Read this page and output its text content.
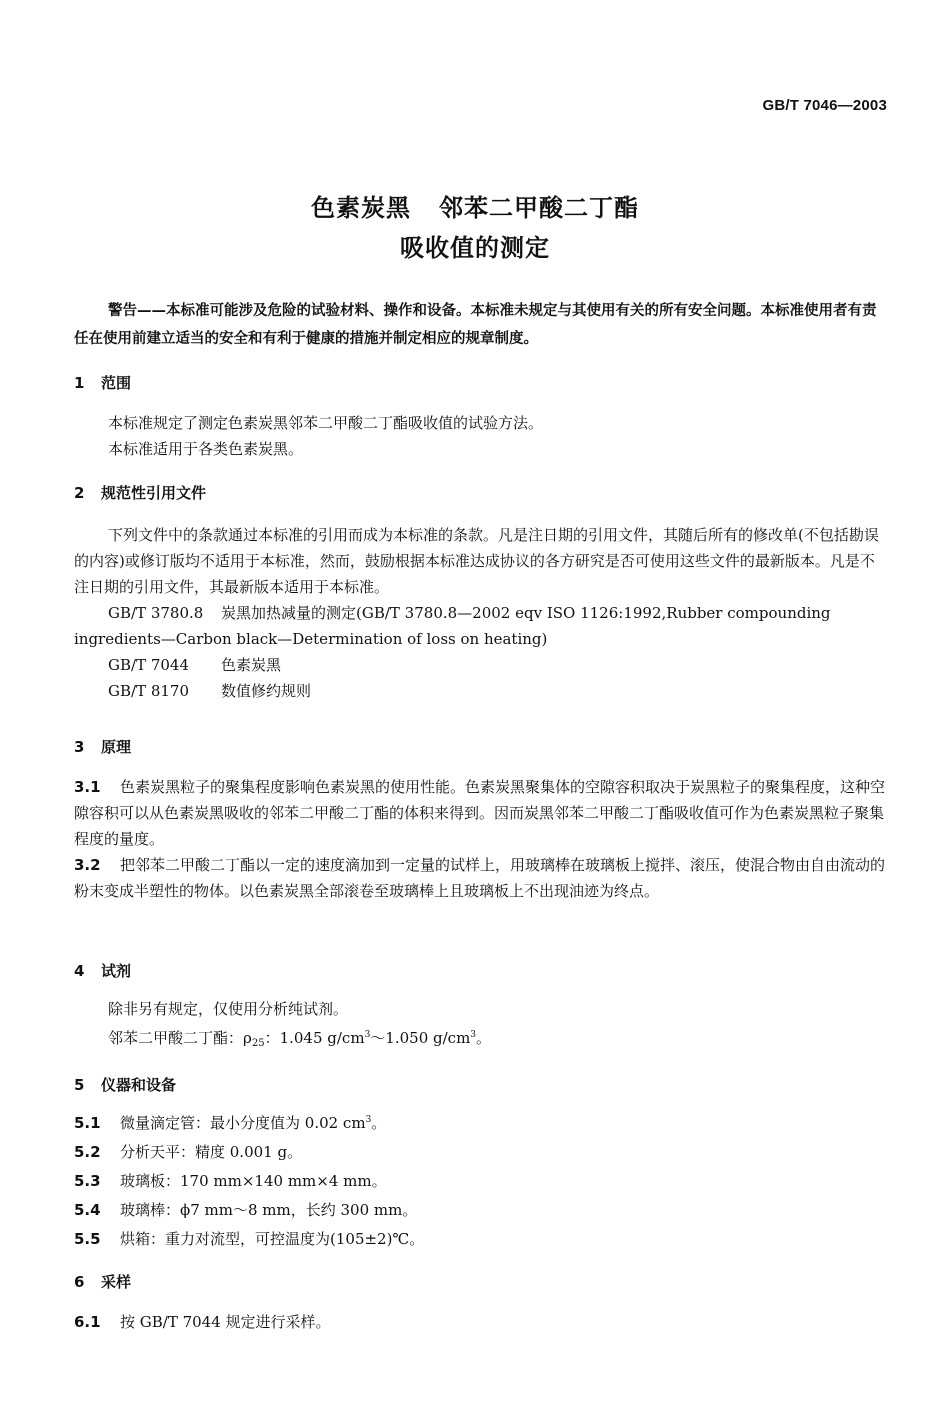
GB/T 7046—2003
色素炭黑 邻苯二甲酸二丁酯
吸收值的测定
警告——本标准可能涉及危险的试验材料、操作和设备。本标准未规定与其使用有关的所有安全问题。本标准使用者有责任在使用前建立适当的安全和有利于健康的措施并制定相应的规章制度。
1 范围

本标准规定了测定色素炭黑邻苯二甲酸二丁酯吸收值的试验方法。

本标准适用于各类色素炭黑。

2 规范性引用文件

下列文件中的条款通过本标准的引用而成为本标准的条款。凡是注日期的引用文件，其随后所有的修改单(不包括勘误的内容)或修订版均不适用于本标准，然而，鼓励根据本标准达成协议的各方研究是否可使用这些文件的最新版本。凡是不注日期的引用文件，其最新版本适用于本标准。

GB/T 3780.8 炭黑加热减量的测定(GB/T 3780.8—2002 eqv ISO 1126:1992,Rubber compounding ingredients—Carbon black—Determination of loss on heating)

GB/T 7044 色素炭黑

GB/T 8170 数值修约规则

3 原理

3.1 色素炭黑粒子的聚集程度影响色素炭黑的使用性能。色素炭黑聚集体的空隙容积取决于炭黑粒子的聚集程度，这种空隙容积可以从色素炭黑吸收的邻苯二甲酸二丁酯的体积来得到。因而炭黑邻苯二甲酸二丁酯吸收值可作为色素炭黑粒子聚集程度的量度。

3.2 把邻苯二甲酸二丁酯以一定的速度滴加到一定量的试样上，用玻璃棒在玻璃板上搅拌、滚压，使混合物由自由流动的粉末变成半塑性的物体。以色素炭黑全部滚卷至玻璃棒上且玻璃板上不出现油迹为终点。

4 试剂
除非另有规定，仅使用分析纯试剂。
邻苯二甲酸二丁酯：$\rho_{25}$：1.045 $g/cm^3\sim 1.050$ $g/cm^3$。
5 仪器和设备
5.1 微量滴定管：最小分度值为 0.02 $cm^3$。
5.2 分析天平：精度 0.001 g。
5.3 玻璃板：170 mm×140 mm×4 mm。
5.4 玻璃棒：ϕ7 mm～8 mm，长约 300 mm。
5.5 烘箱：重力对流型，可控温度为(105±2)℃。
6 采样
6.1 按 GB/T 7044 规定进行采样。
